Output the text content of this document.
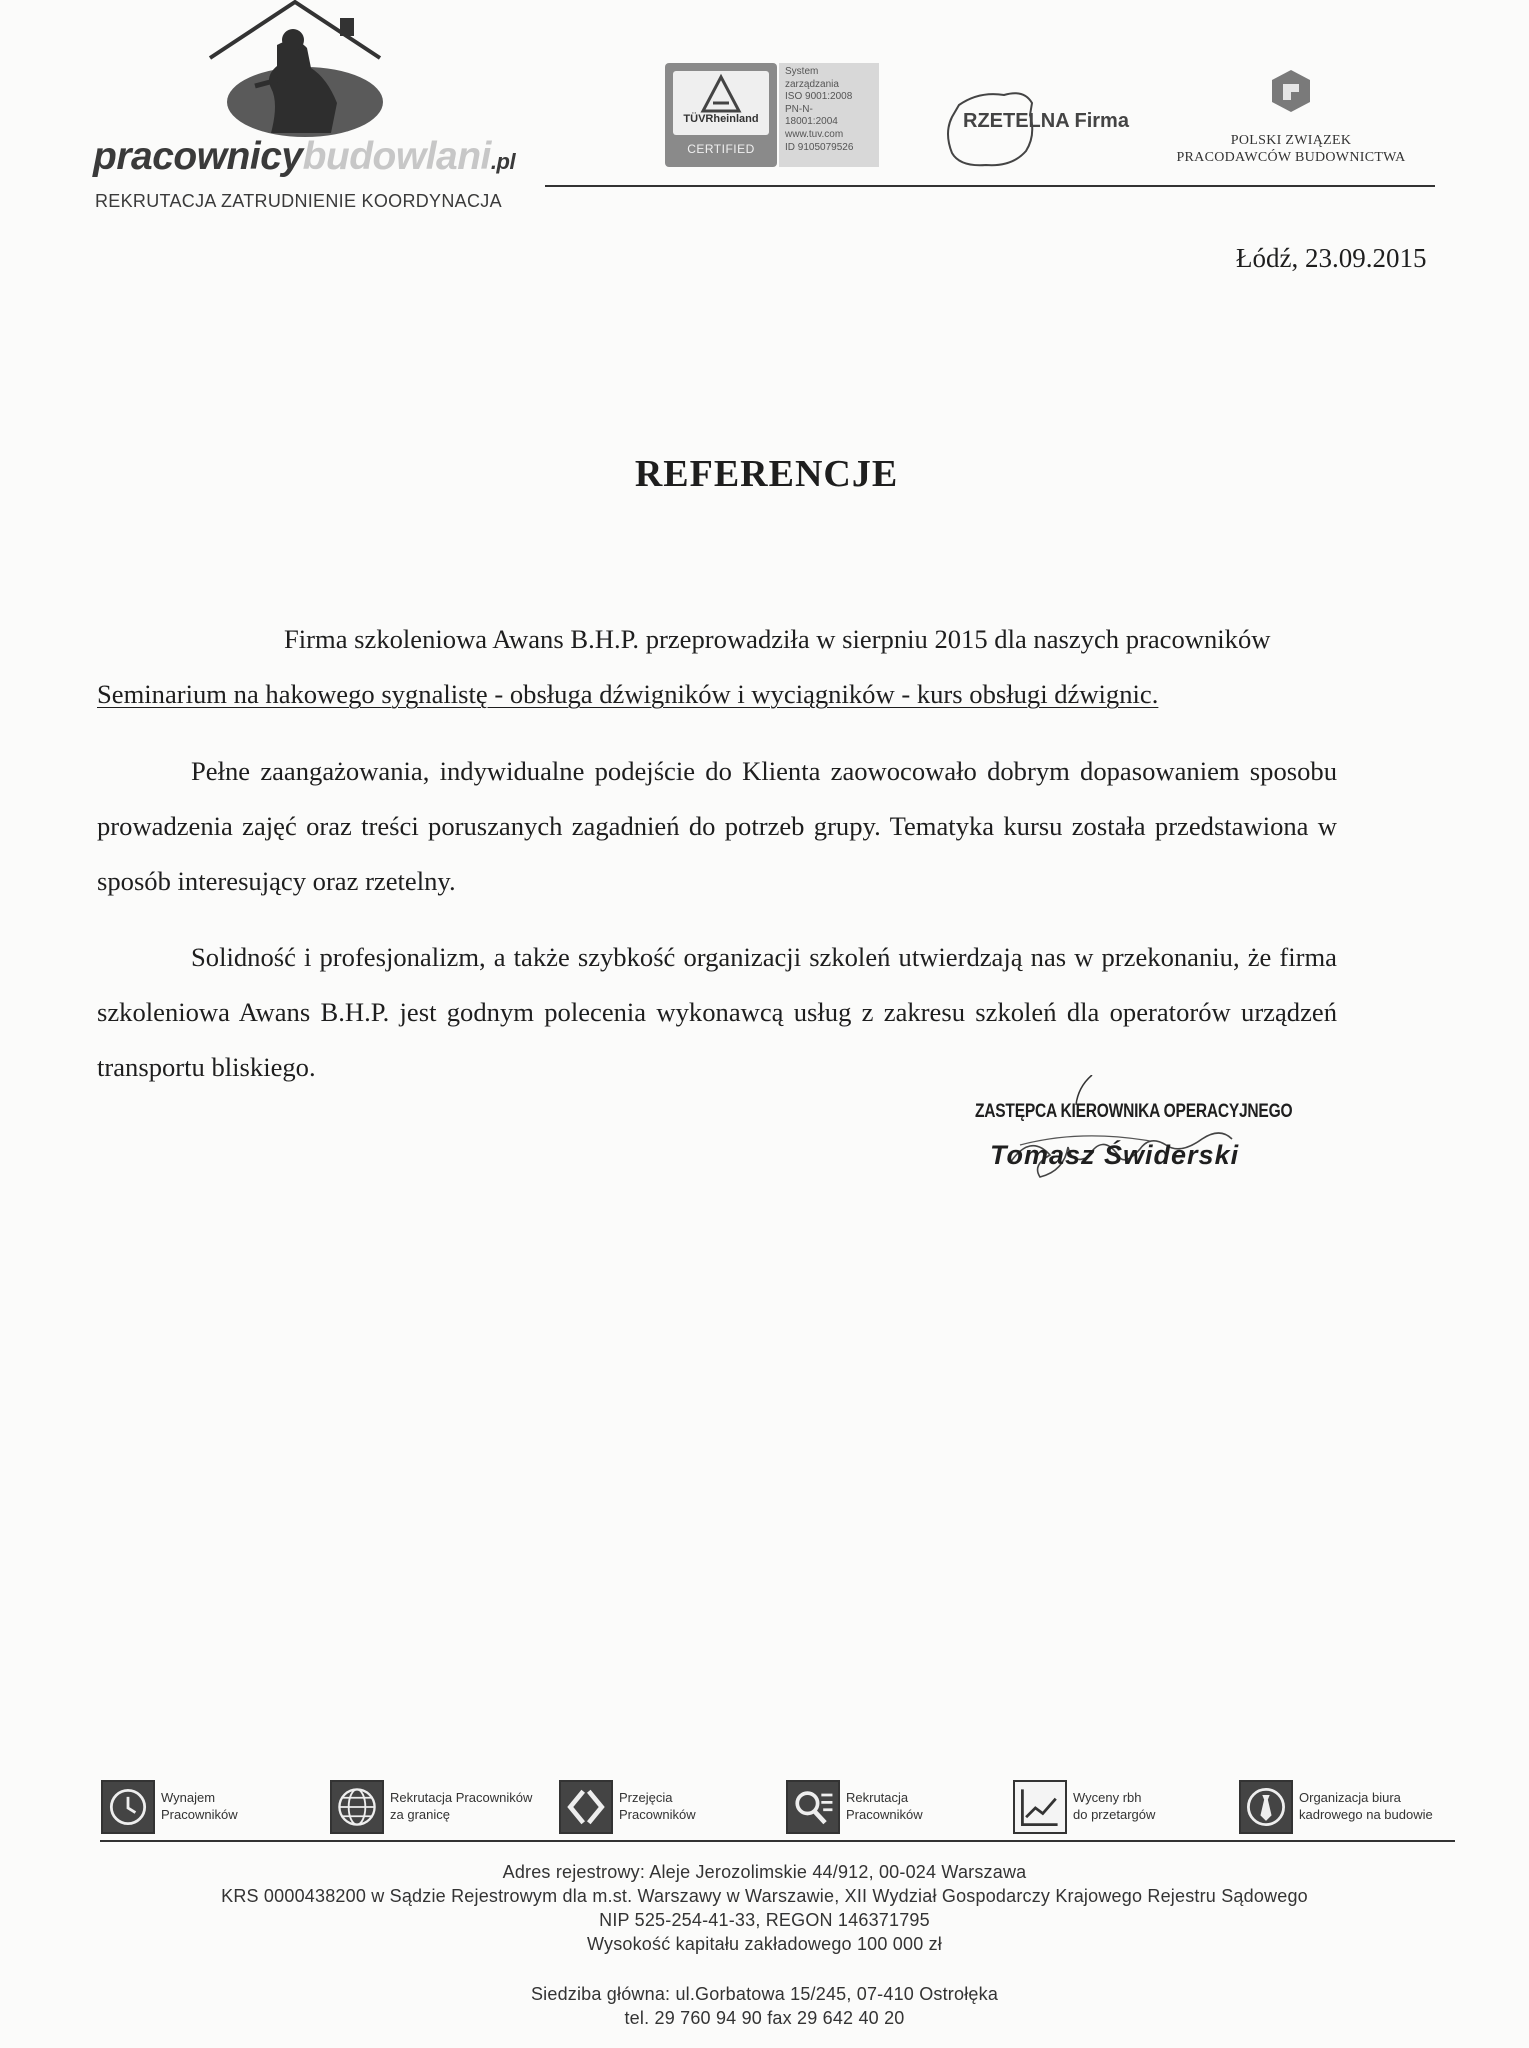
pracownicybudowlani.pl
REKRUTACJA ZATRUDNIENIE KOORDYNACJA
TÜVRheinland
CERTIFIED
System
zarządzania
ISO 9001:2008
PN-N-
18001:2004
www.tuv.com
ID 9105079526
RZETELNA Firma
POLSKI ZWIĄZEK
PRACODAWCÓW BUDOWNICTWA
Łódź, 23.09.2015
REFERENCJE

Firma szkoleniowa Awans B.H.P. przeprowadziła w sierpniu 2015 dla naszych pracowników

Seminarium na hakowego sygnalistę - obsługa dźwigników i wyciągników - kurs obsługi dźwignic.

Pełne zaangażowania, indywidualne podejście do Klienta zaowocowało dobrym dopasowaniem sposobu prowadzenia zajęć oraz treści poruszanych zagadnień do potrzeb grupy. Tematyka kursu została przedstawiona w sposób interesujący oraz rzetelny.

Solidność i profesjonalizm, a także szybkość organizacji szkoleń utwierdzają nas w przekonaniu, że firma szkoleniowa Awans B.H.P. jest godnym polecenia wykonawcą usług z zakresu szkoleń dla operatorów urządzeń transportu bliskiego.

ZASTĘPCA KIEROWNIKA OPERACYJNEGO
Tomasz Świderski
Wynajem
Pracowników
Rekrutacja Pracowników
za granicę
Przejęcia
Pracowników
Rekrutacja
Pracowników
Wyceny rbh
do przetargów
Organizacja biura
kadrowego na budowie
Adres rejestrowy: Aleje Jerozolimskie 44/912, 00-024 Warszawa
KRS 0000438200 w Sądzie Rejestrowym dla m.st. Warszawy w Warszawie, XII Wydział Gospodarczy Krajowego Rejestru Sądowego
NIP 525-254-41-33, REGON 146371795
Wysokość kapitału zakładowego 100 000 zł
Siedziba główna: ul.Gorbatowa 15/245, 07-410 Ostrołęka
tel. 29 760 94 90 fax 29 642 40 20
